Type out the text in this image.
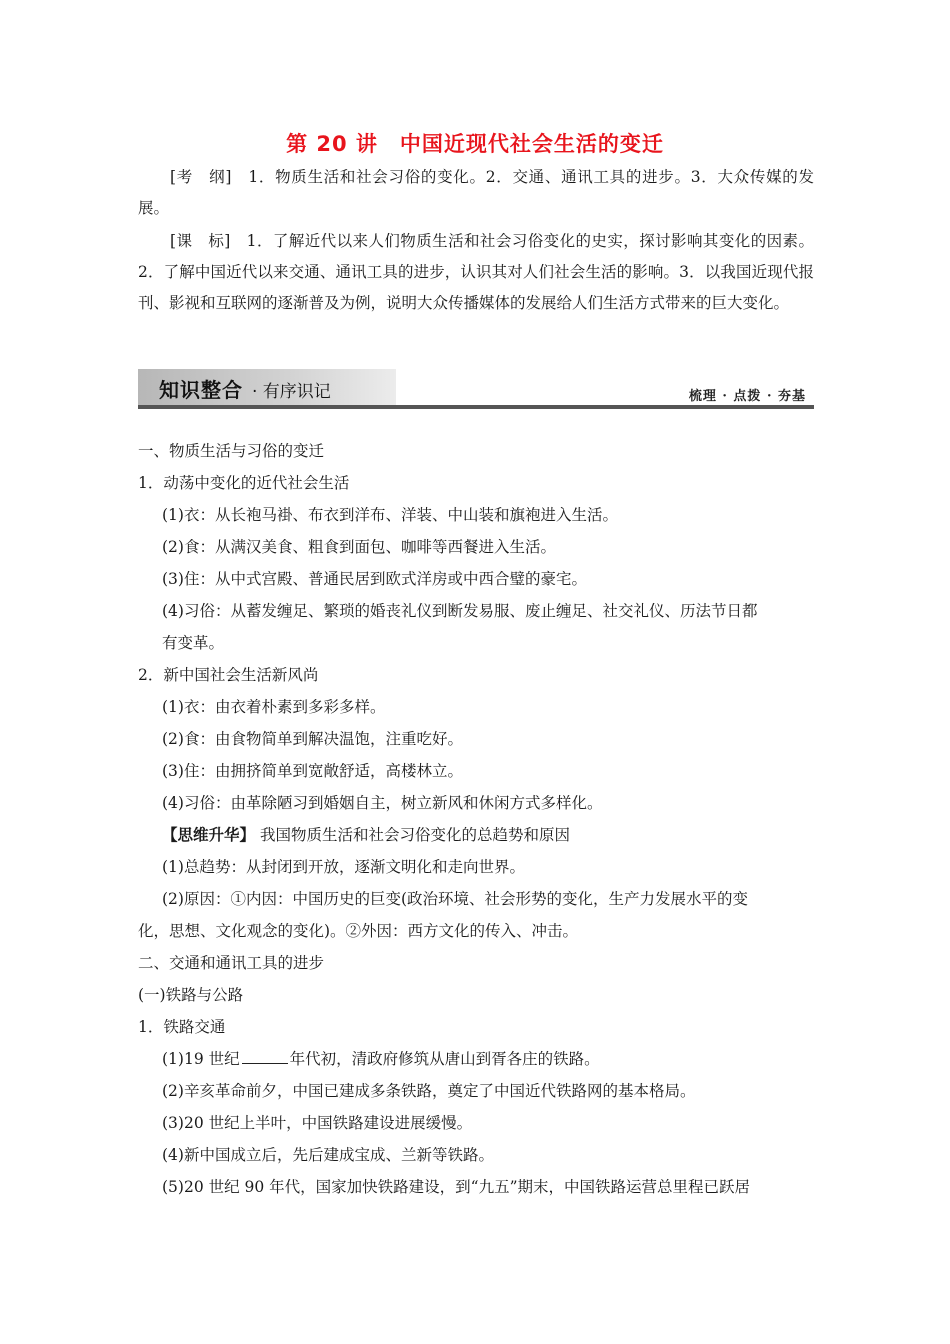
第 20 讲　中国近现代社会生活的变迁

[考　纲]　 1．物质生活和社会习俗的变化。2．交通、通讯工具的进步。3．大众传媒的发展。

[课　标]　 1．了解近代以来人们物质生活和社会习俗变化的史实，探讨影响其变化的因素。2．了解中国近代以来交通、通讯工具的进步，认识其对人们社会生活的影响。3．以我国近现代报刊、影视和互联网的逐渐普及为例，说明大众传播媒体的发展给人们生活方式带来的巨大变化。

知识整合 · 有序识记	梳理 · 点拨 · 夯基

一、物质生活与习俗的变迁

1．动荡中变化的近代社会生活

(1)衣：从长袍马褂、布衣到洋布、洋装、中山装和旗袍进入生活。

(2)食：从满汉美食、粗食到面包、咖啡等西餐进入生活。

(3)住：从中式宫殿、普通民居到欧式洋房或中西合璧的豪宅。

(4)习俗：从蓄发缠足、繁琐的婚丧礼仪到断发易服、废止缠足、社交礼仪、历法节日都

有变革。

2．新中国社会生活新风尚

(1)衣：由衣着朴素到多彩多样。

(2)食：由食物简单到解决温饱，注重吃好。

(3)住：由拥挤简单到宽敞舒适，高楼林立。

(4)习俗：由革除陋习到婚姻自主，树立新风和休闲方式多样化。

【思维升华】 我国物质生活和社会习俗变化的总趋势和原因

(1)总趋势：从封闭到开放，逐渐文明化和走向世界。

(2)原因：①内因：中国历史的巨变(政治环境、社会形势的变化，生产力发展水平的变

化，思想、文化观念的变化)。②外因：西方文化的传入、冲击。

二、交通和通讯工具的进步

(一)铁路与公路

1．铁路交通

(1)19 世纪	年代初，清政府修筑从唐山到胥各庄的铁路。

(2)辛亥革命前夕，中国已建成多条铁路，奠定了中国近代铁路网的基本格局。

(3)20 世纪上半叶，中国铁路建设进展缓慢。

(4)新中国成立后，先后建成宝成、兰新等铁路。

(5)20 世纪 90 年代，国家加快铁路建设，到“九五”期末，中国铁路运营总里程已跃居
